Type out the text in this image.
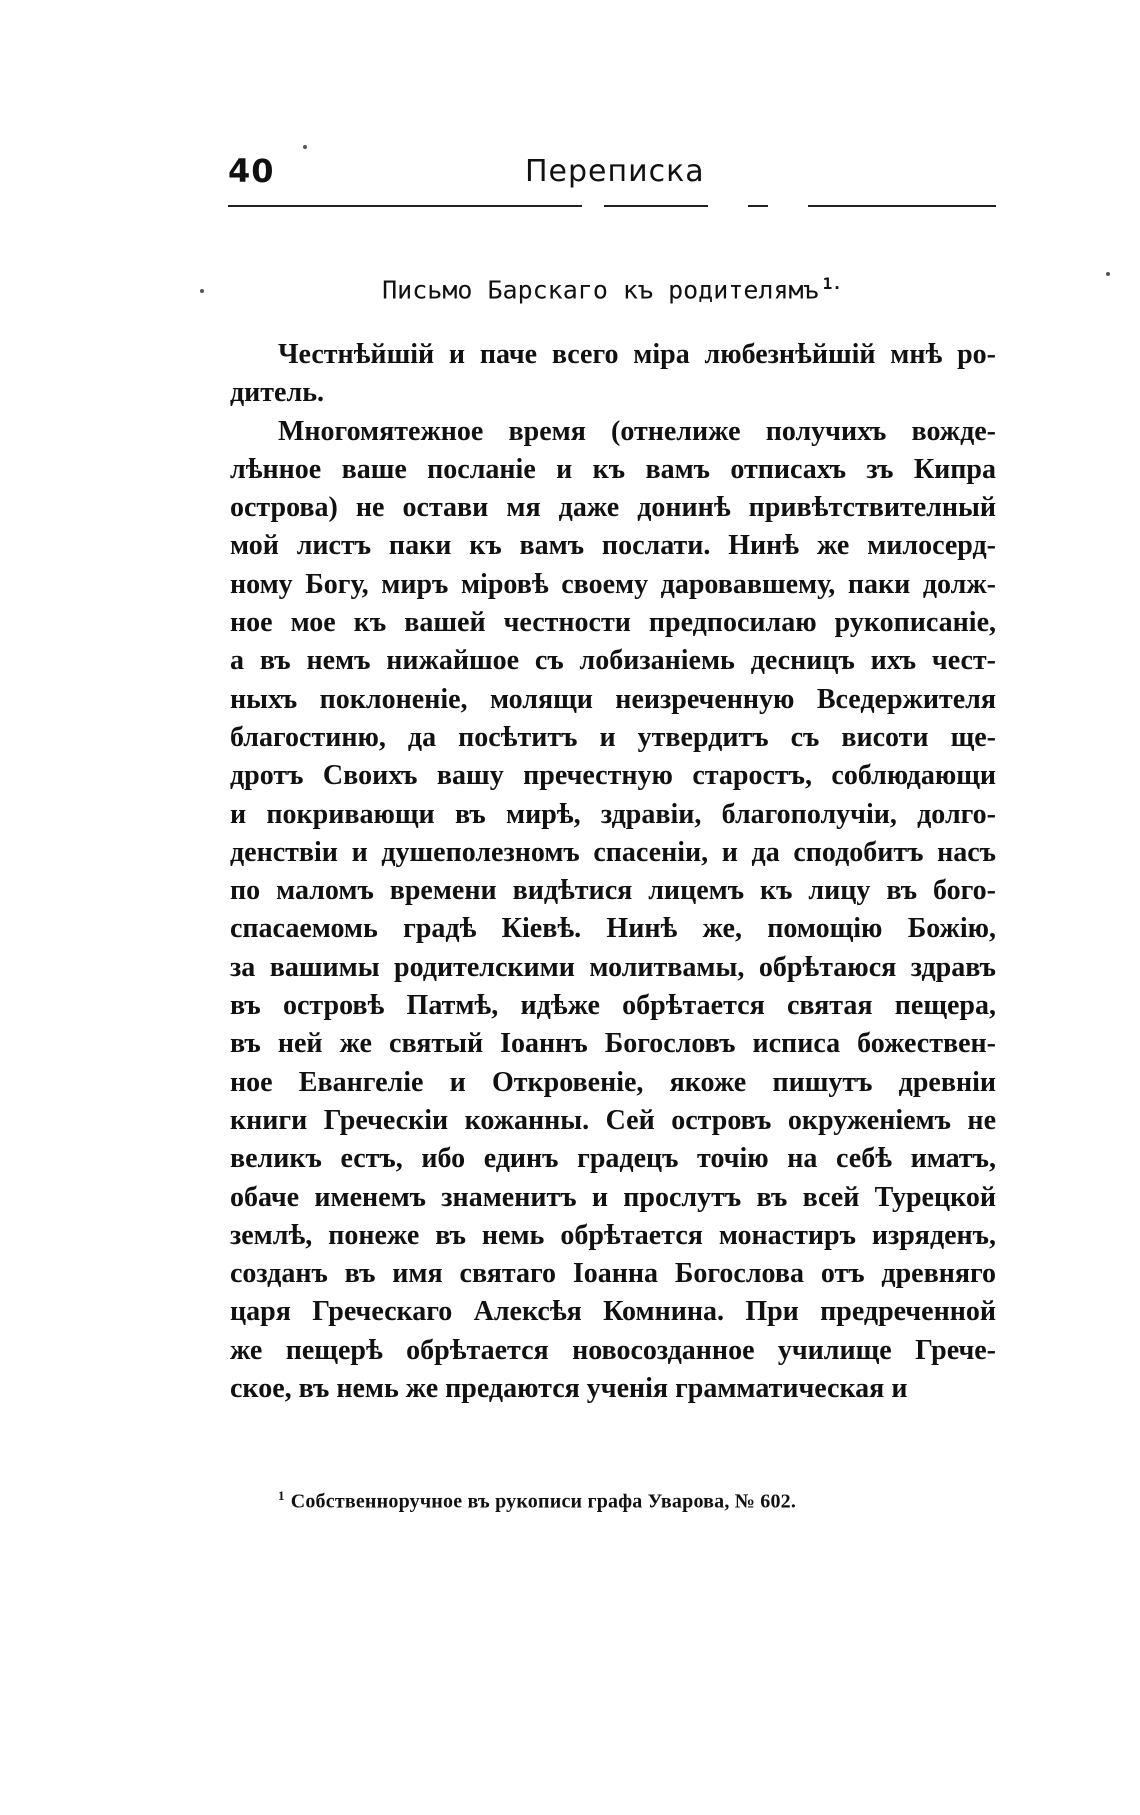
40	Переписка
Письмо Барскаго къ родителямъ $^{1.}$
Честнѣйшiй и паче всего мiра любезнѣйшiй мнѣ ро-
дитель.
Многомятежное время (отнелиже получихъ вожде-
лѣнное ваше посланiе и къ вамъ отписахъ зъ Кипра
острова) не остави мя даже донинѣ привѣтствителный
мой листъ паки къ вамъ послати. Нинѣ же милосерд-
ному Богу, миръ мiровѣ своему даровавшему, паки долж-
ное мое къ вашей честности предпосилаю рукописанiе,
а въ немъ нижайшое съ лобизанiемь десницъ ихъ чест-
ныхъ поклоненiе, молящи неизреченную Вседержителя
благостиню, да посѣтитъ и утвердитъ съ висоти ще-
дротъ Своихъ вашу пречестную старостъ, соблюдающи
и покривающи въ мирѣ, здравiи, благополучiи, долго-
денствiи и душеполезномъ спасенiи, и да сподобитъ насъ
по маломъ времени видѣтися лицемъ къ лицу въ бого-
спасаемомь градѣ Кiевѣ. Нинѣ же, помощiю Божiю,
за вашимы родителскими молитвамы, обрѣтаюся здравъ
въ островѣ Патмѣ, идѣже обрѣтается святая пещера,
въ ней же святый Iоаннъ Богословъ исписа божествен-
ное Евангелiе и Откровенiе, якоже пишутъ древнiи
книги Греческiи кожанны. Сей островъ окруженiемъ не
великъ естъ, ибо единъ градецъ точiю на себѣ иматъ,
обаче именемъ знаменитъ и прослутъ въ всей Турецкой
землѣ, понеже въ немь обрѣтается монастиръ изряденъ,
созданъ въ имя святаго Iоанна Богослова отъ древняго
царя Греческаго Алексѣя Комнина. При предреченной
же пещерѣ обрѣтается новосозданное училище Грече-
ское, въ немь же предаются ученiя грамматическая и
$^1$ Собственноручное въ рукописи графа Уварова, № 602.
